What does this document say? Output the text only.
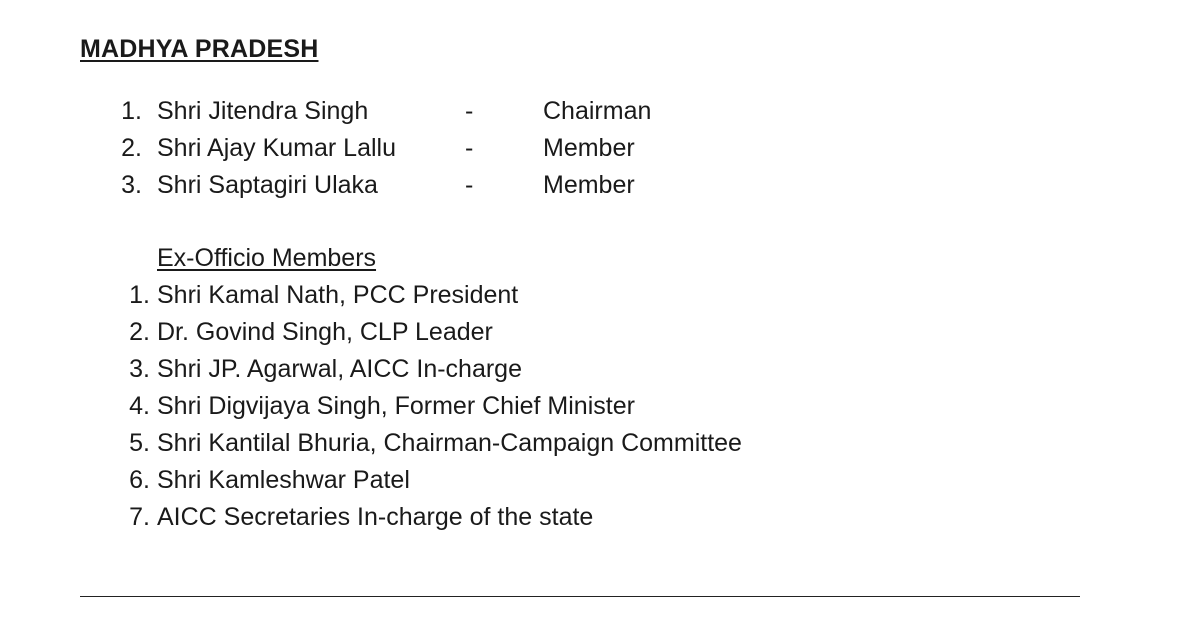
MADHYA PRADESH
1. Shri Jitendra Singh	-	Chairman
2. Shri Ajay Kumar Lallu	-	Member
3. Shri Saptagiri Ulaka	-	Member
Ex-Officio Members
1. Shri Kamal Nath, PCC President
2. Dr. Govind Singh, CLP Leader
3. Shri JP. Agarwal, AICC In-charge
4. Shri Digvijaya Singh, Former Chief Minister
5. Shri Kantilal Bhuria, Chairman-Campaign Committee
6. Shri Kamleshwar Patel
7. AICC Secretaries In-charge of the state
